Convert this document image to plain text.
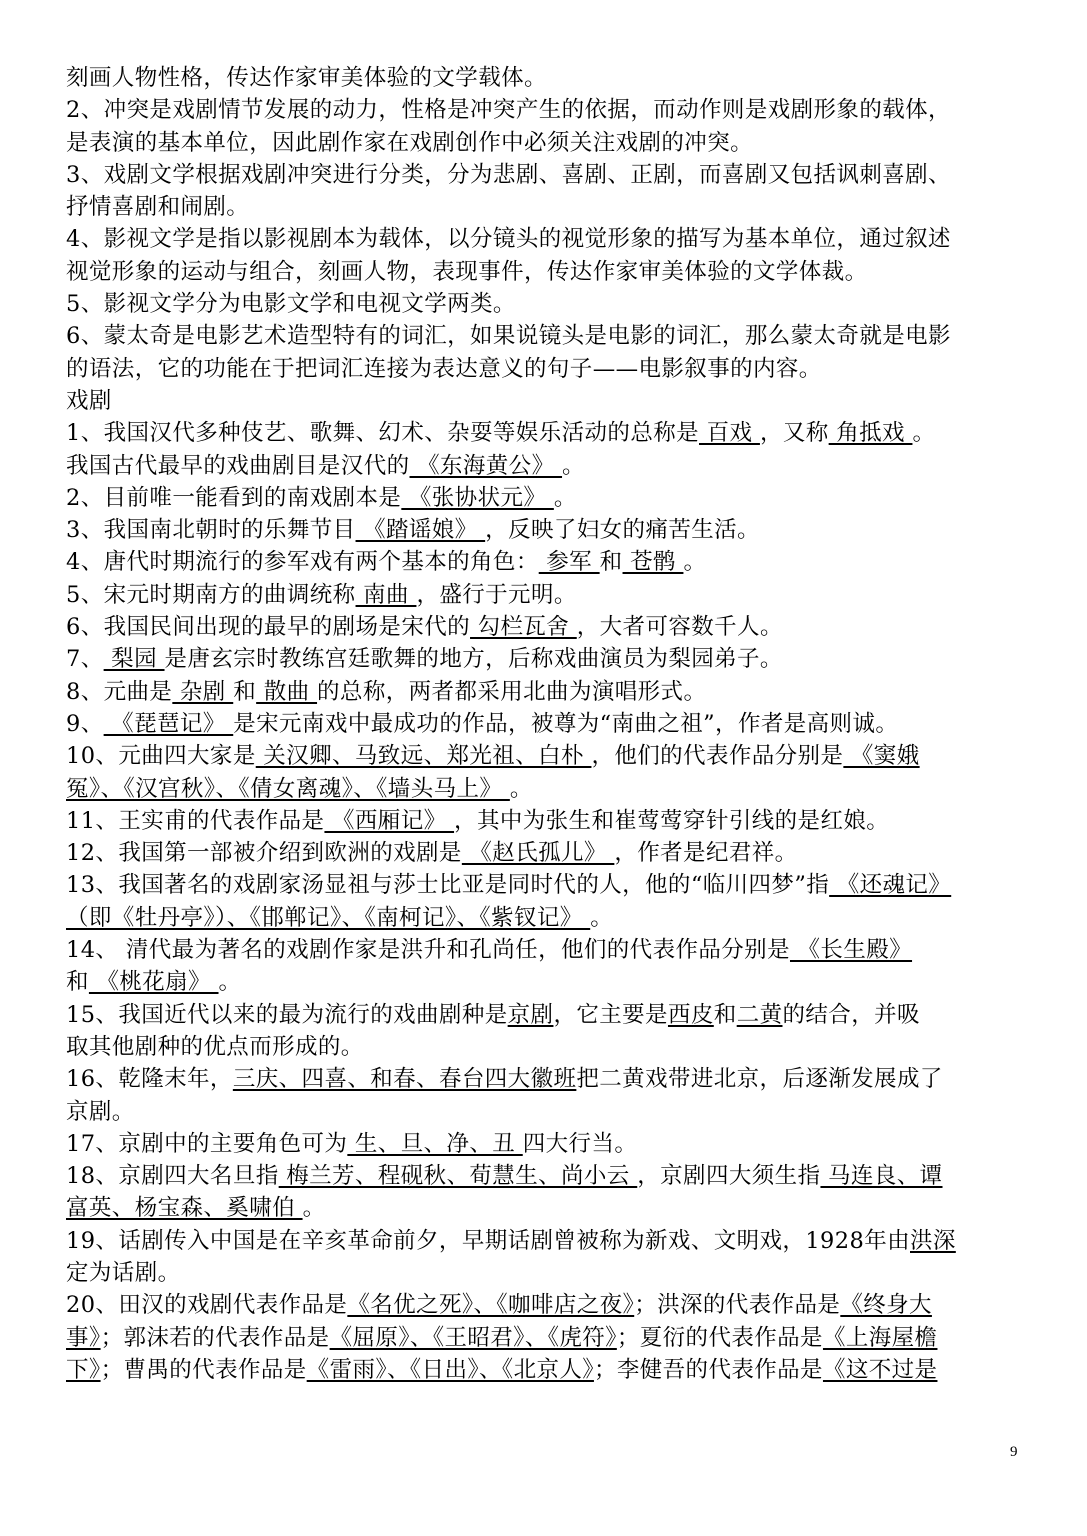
刻画人物性格，传达作家审美体验的文学载体。
2、冲突是戏剧情节发展的动力，性格是冲突产生的依据，而动作则是戏剧形象的载体，
是表演的基本单位，因此剧作家在戏剧创作中必须关注戏剧的冲突。
3、戏剧文学根据戏剧冲突进行分类，分为悲剧、喜剧、正剧，而喜剧又包括讽刺喜剧、
抒情喜剧和闹剧。
4、影视文学是指以影视剧本为载体，以分镜头的视觉形象的描写为基本单位，通过叙述
视觉形象的运动与组合，刻画人物，表现事件，传达作家审美体验的文学体裁。
5、影视文学分为电影文学和电视文学两类。
6、蒙太奇是电影艺术造型特有的词汇，如果说镜头是电影的词汇，那么蒙太奇就是电影
的语法，它的功能在于把词汇连接为表达意义的句子——电影叙事的内容。
戏剧
1、我国汉代多种伎艺、歌舞、幻术、杂耍等娱乐活动的总称是 百戏 ，又称 角抵戏 。
我国古代最早的戏曲剧目是汉代的 《东海黄公》 。
2、目前唯一能看到的南戏剧本是 《张协状元》 。
3、我国南北朝时的乐舞节目 《踏谣娘》 ，反映了妇女的痛苦生活。
4、唐代时期流行的参军戏有两个基本的角色： 参军 和 苍鹘 。
5、宋元时期南方的曲调统称 南曲 ，盛行于元明。
6、我国民间出现的最早的剧场是宋代的 勾栏瓦舍 ，大者可容数千人。
7、 梨园 是唐玄宗时教练宫廷歌舞的地方，后称戏曲演员为梨园弟子。
8、元曲是 杂剧 和 散曲 的总称，两者都采用北曲为演唱形式。
9、 《琵琶记》 是宋元南戏中最成功的作品，被尊为“南曲之祖”，作者是高则诚。
10、元曲四大家是 关汉卿、马致远、郑光祖、白朴 ，他们的代表作品分别是 《窦娥
冤》、《汉宫秋》、《倩女离魂》、《墙头马上》 。
11、王实甫的代表作品是 《西厢记》 ，其中为张生和崔莺莺穿针引线的是红娘。
12、我国第一部被介绍到欧洲的戏剧是 《赵氏孤儿》 ，作者是纪君祥。
13、我国著名的戏剧家汤显祖与莎士比亚是同时代的人，他的“临川四梦”指 《还魂记》
（即《牡丹亭》）、《邯郸记》、《南柯记》、《紫钗记》 。
14、 清代最为著名的戏剧作家是洪升和孔尚任，他们的代表作品分别是 《长生殿》
和 《桃花扇》 。
15、我国近代以来的最为流行的戏曲剧种是京剧，它主要是西皮和二黄的结合，并吸
取其他剧种的优点而形成的。
16、乾隆末年，三庆、四喜、和春、春台四大徽班把二黄戏带进北京，后逐渐发展成了
京剧。
17、京剧中的主要角色可为 生、旦、净、丑 四大行当。
18、京剧四大名旦指 梅兰芳、程砚秋、荀慧生、尚小云 ，京剧四大须生指 马连良、谭
富英、杨宝森、奚啸伯 。
19、话剧传入中国是在辛亥革命前夕，早期话剧曾被称为新戏、文明戏，1928年由洪深
定为话剧。
20、田汉的戏剧代表作品是《名优之死》、《咖啡店之夜》；洪深的代表作品是《终身大
事》；郭沫若的代表作品是《屈原》、《王昭君》、《虎符》；夏衍的代表作品是《上海屋檐
下》；曹禺的代表作品是《雷雨》、《日出》、《北京人》；李健吾的代表作品是《这不过是
9
